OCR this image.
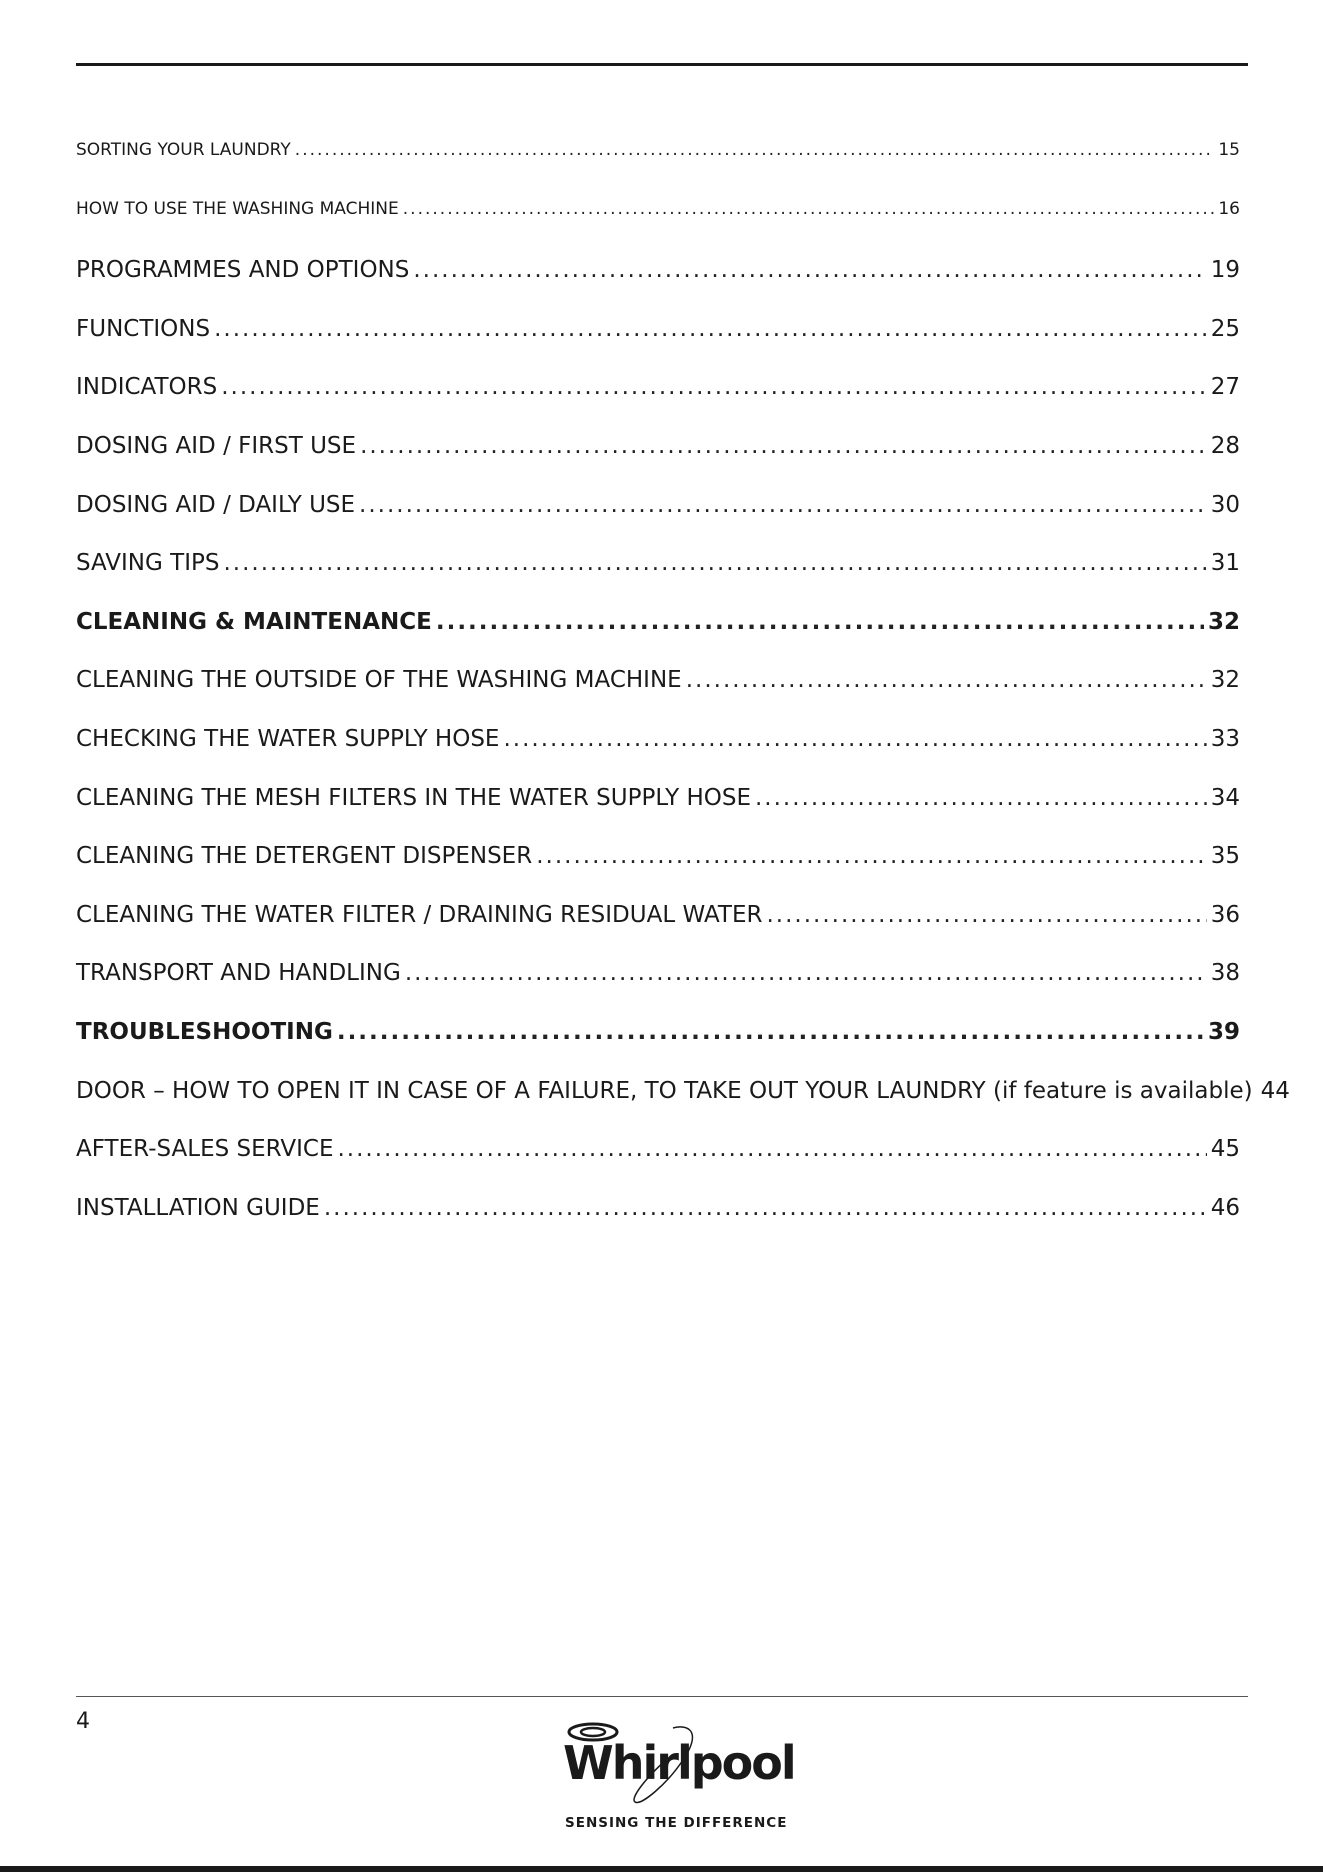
SORTING YOUR LAUNDRY .....	15
HOW TO USE THE WASHING MACHINE .....	16
PROGRAMMES AND OPTIONS .....	19
FUNCTIONS .....	25
INDICATORS .....	27
DOSING AID / FIRST USE .....	28
DOSING AID / DAILY USE .....	30
SAVING TIPS .....	31
CLEANING & MAINTENANCE .....	32
CLEANING THE OUTSIDE OF THE WASHING MACHINE .....	32
CHECKING THE WATER SUPPLY HOSE .....	33
CLEANING THE MESH FILTERS IN THE WATER SUPPLY HOSE .....	34
CLEANING THE DETERGENT DISPENSER .....	35
CLEANING THE WATER FILTER / DRAINING RESIDUAL WATER .....	36
TRANSPORT AND HANDLING .....	38
TROUBLESHOOTING .....	39
DOOR – HOW TO OPEN IT IN CASE OF A FAILURE, TO TAKE OUT YOUR LAUNDRY (if feature is available) 44
AFTER-SALES SERVICE .....	45
INSTALLATION GUIDE .....	46
4
Whirlpool
SENSING THE DIFFERENCE
